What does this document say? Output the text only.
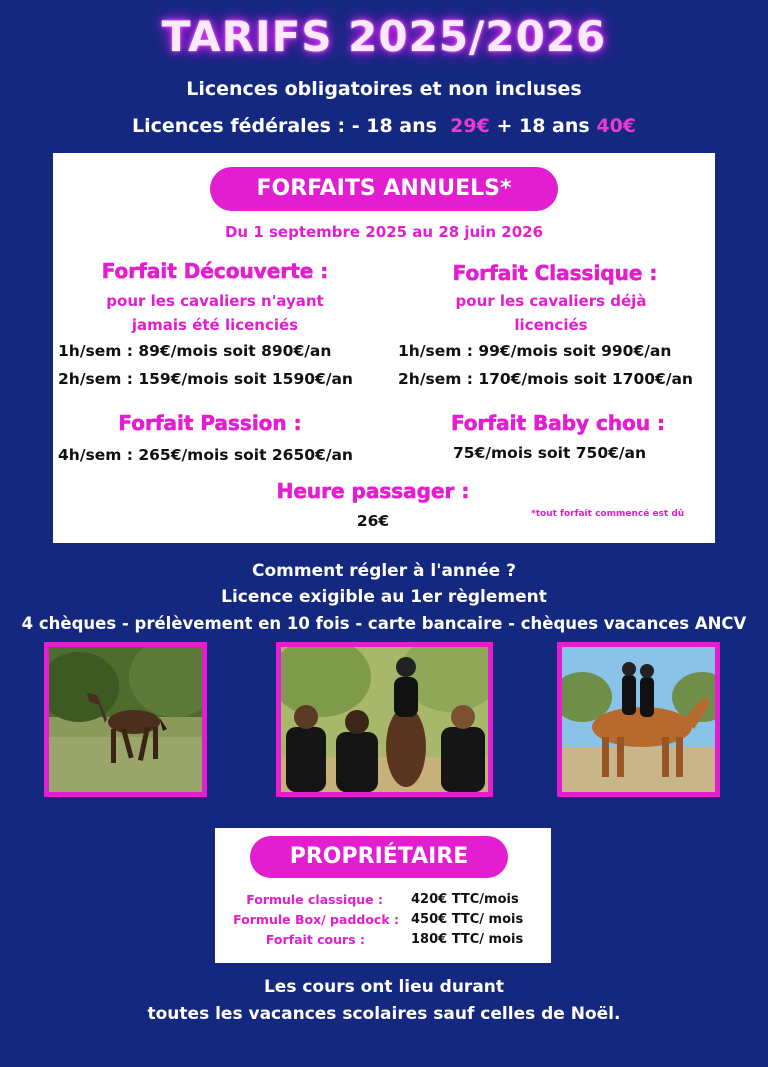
TARIFS 2025/2026
Licences obligatoires et non incluses
Licences fédérales : - 18 ans 29€ + 18 ans 40€
FORFAITS ANNUELS*
Du 1 septembre 2025 au 28 juin 2026
Forfait Découverte :
pour les cavaliers n'ayant
jamais été licenciés
1h/sem : 89€/mois soit 890€/an
2h/sem : 159€/mois soit 1590€/an
Forfait Classique :
pour les cavaliers déjà
licenciés
1h/sem : 99€/mois soit 990€/an
2h/sem : 170€/mois soit 1700€/an
Forfait Passion :
4h/sem : 265€/mois soit 2650€/an
Forfait Baby chou :
75€/mois soit 750€/an
Heure passager :
26€	*tout forfait commencé est dû
Comment régler à l'année ?
Licence exigible au 1er règlement
4 chèques - prélèvement en 10 fois - carte bancaire - chèques vacances ANCV
PROPRIÉTAIRE
Formule classique : 420€ TTC/mois
Formule Box/ paddock : 450€ TTC/ mois
Forfait cours :	180€ TTC/ mois
Les cours ont lieu durant
toutes les vacances scolaires sauf celles de Noël.
